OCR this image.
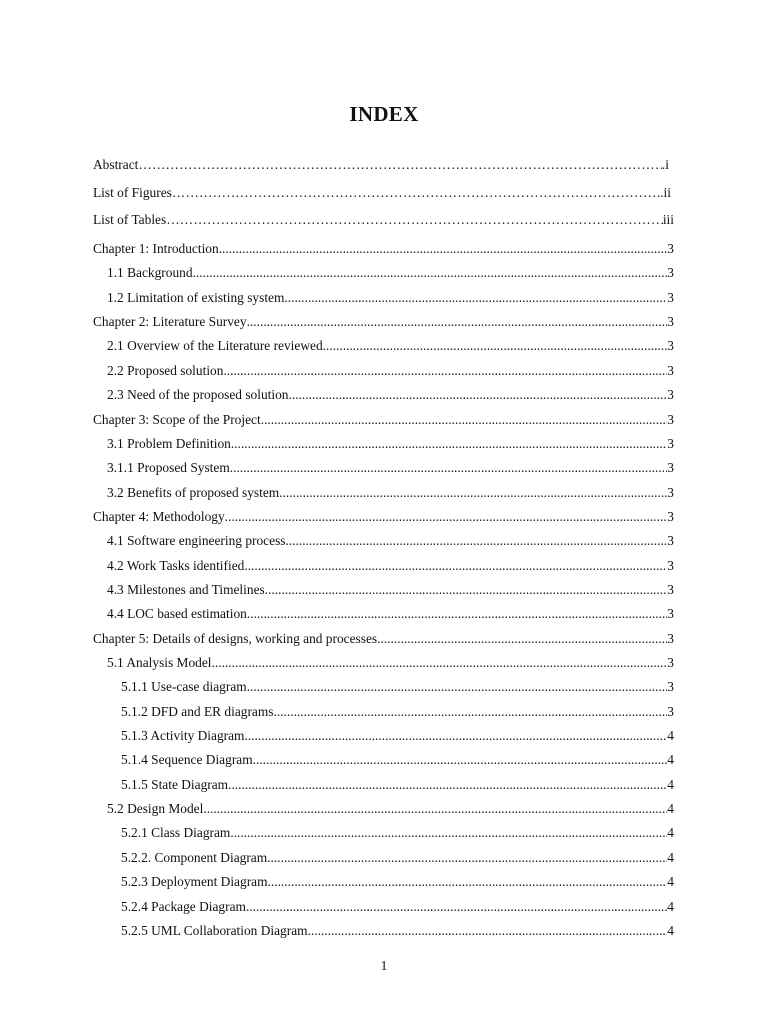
INDEX
Abstract …………………………………………………………………………………………………………………………………………………………	.i
List of Figures …………………………………………………………………………………………………………………………………………………………	..ii
List of Tables …………………………………………………………………………………………………………………………………………………………	iii
Chapter 1: Introduction .....	3
1.1 Background .....	3
1.2 Limitation of existing system .....	3
Chapter 2: Literature Survey .....	3
2.1 Overview of the Literature reviewed .....	3
2.2 Proposed solution .....	3
2.3 Need of the proposed solution .....	3
Chapter 3: Scope of the Project .....	3
3.1 Problem Definition .....	3
3.1.1 Proposed System .....	3
3.2 Benefits of proposed system .....	3
Chapter 4: Methodology .....	3
4.1 Software engineering process .....	3
4.2 Work Tasks identified .....	3
4.3 Milestones and Timelines .....	3
4.4 LOC based estimation .....	3
Chapter 5: Details of designs, working and processes .....	3
5.1 Analysis Model .....	3
5.1.1 Use-case diagram .....	3
5.1.2 DFD and ER diagrams .....	3
5.1.3 Activity Diagram .....	4
5.1.4 Sequence Diagram .....	4
5.1.5 State Diagram .....	4
5.2 Design Model .....	4
5.2.1 Class Diagram .....	4
5.2.2. Component Diagram .....	4
5.2.3 Deployment Diagram .....	4
5.2.4 Package Diagram .....	4
5.2.5 UML Collaboration Diagram .....	4
1
